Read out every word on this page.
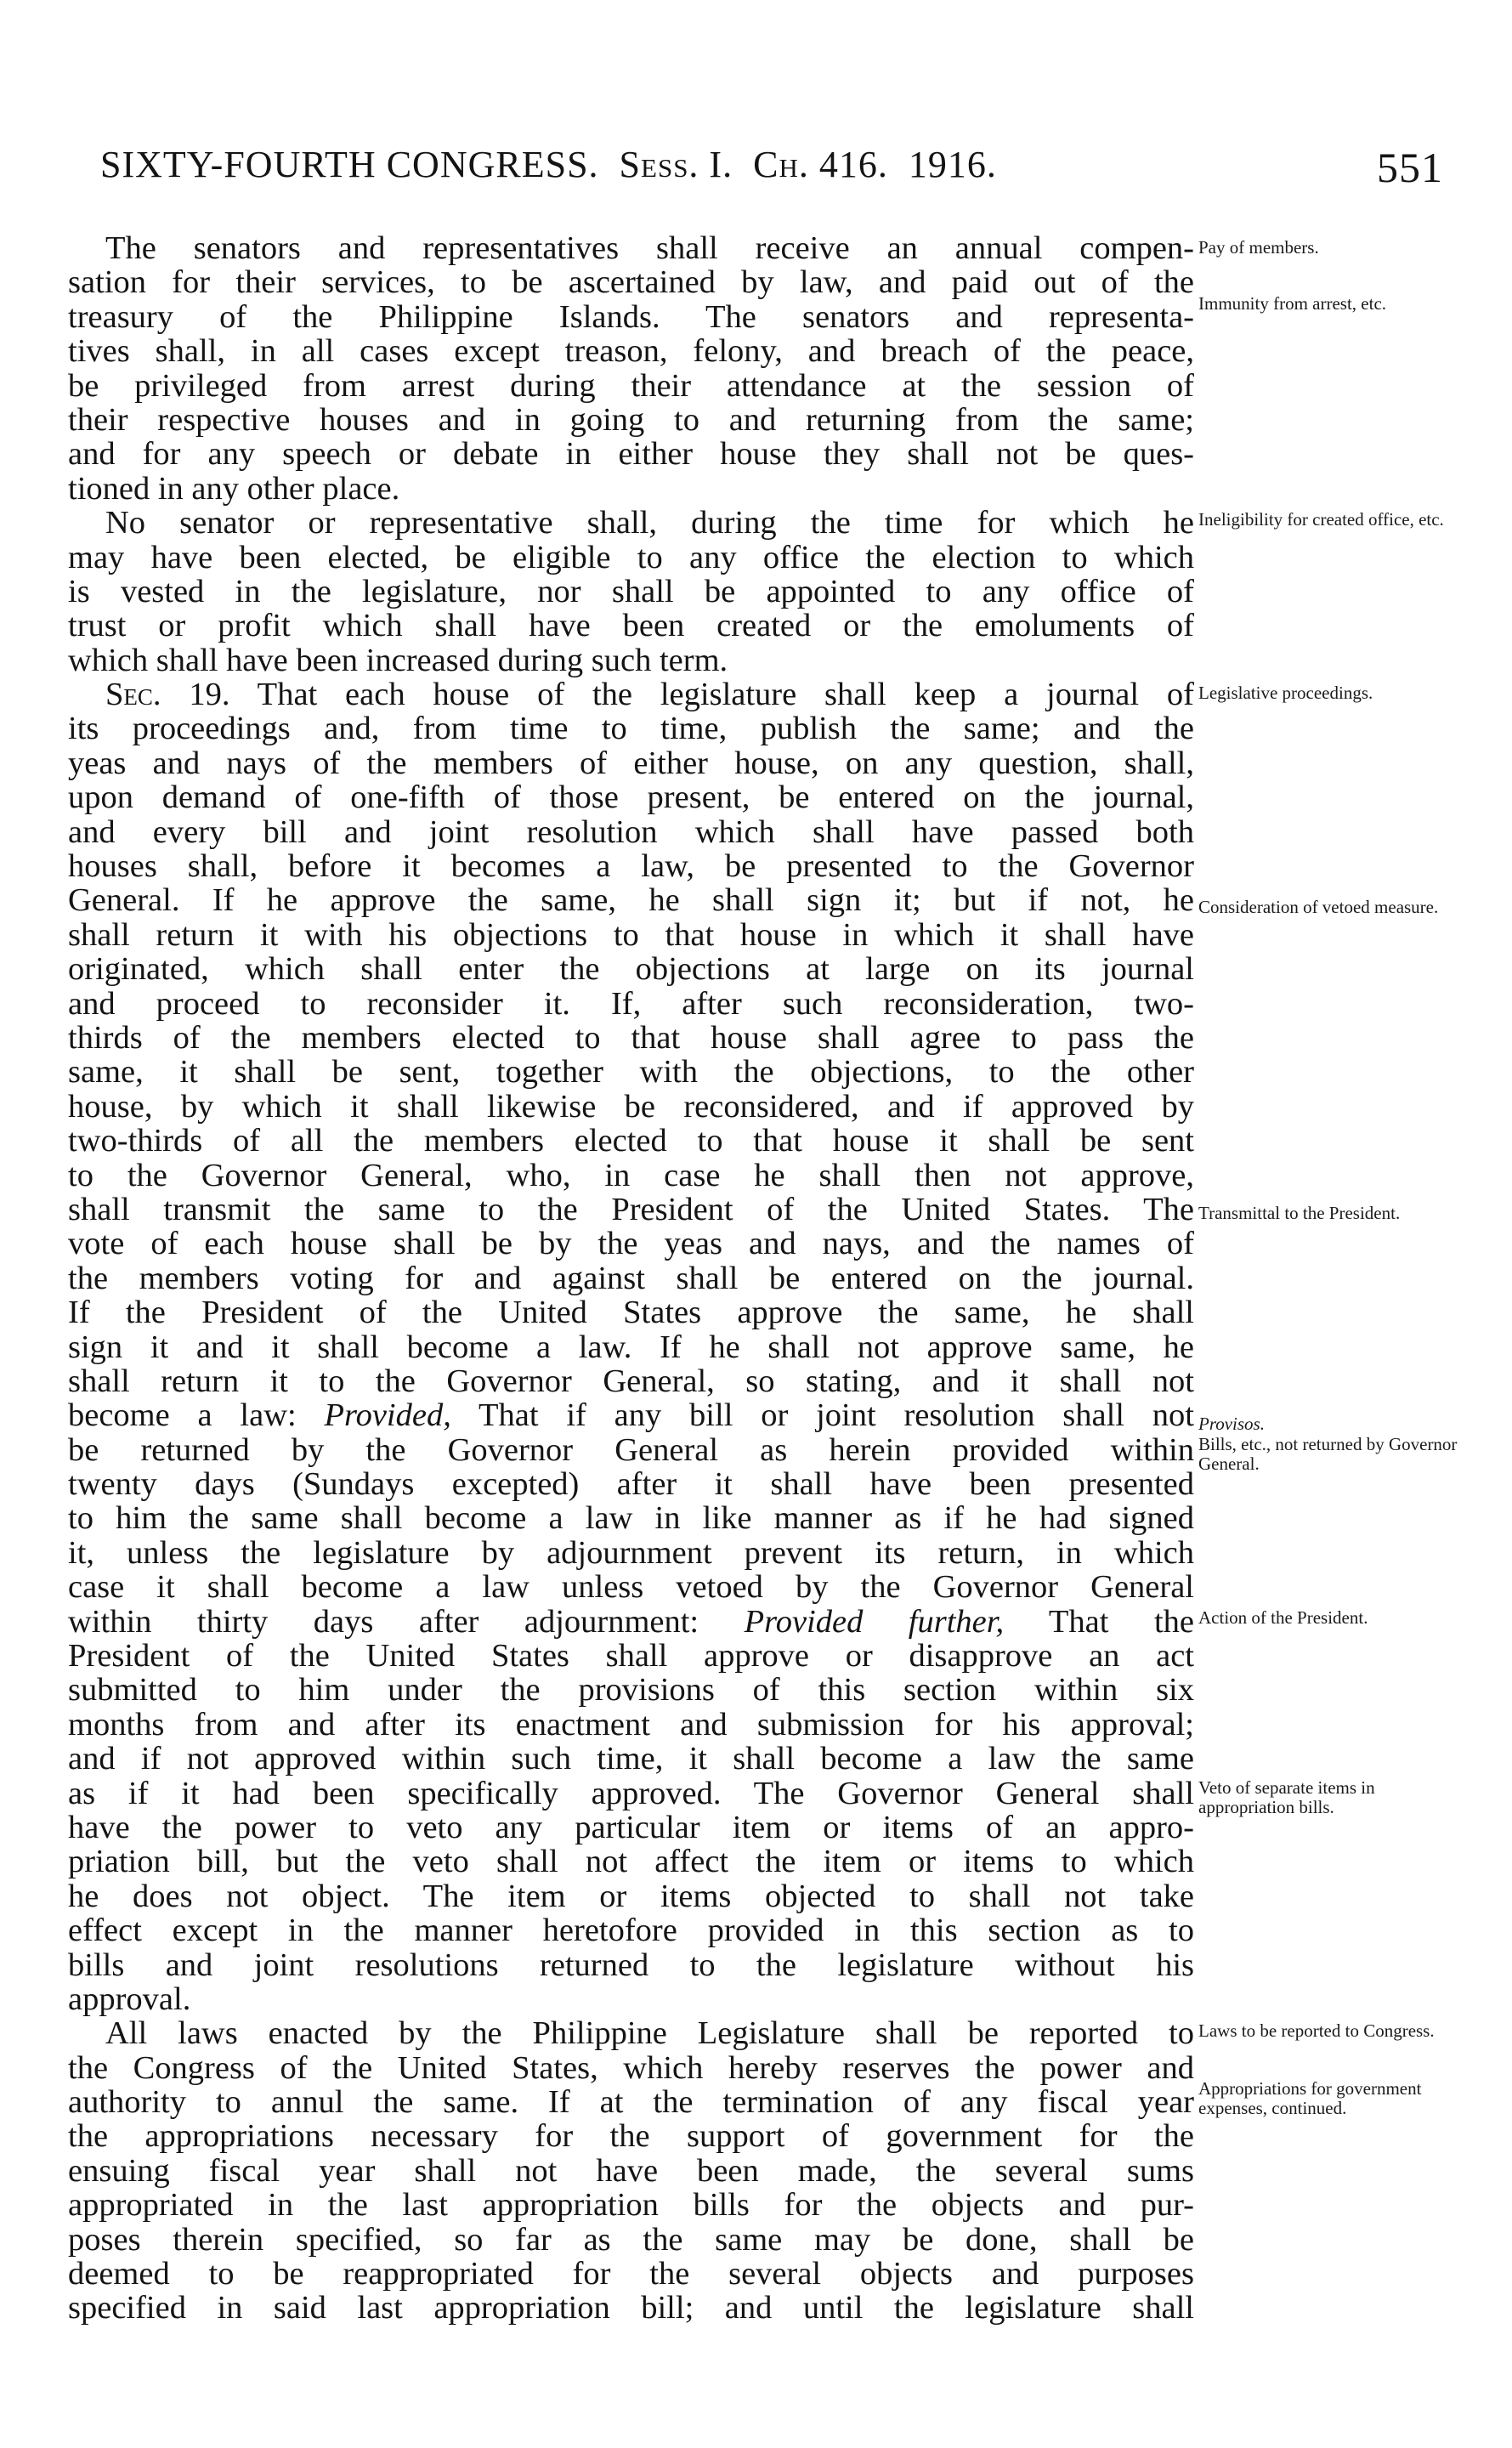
SIXTY-FOURTH CONGRESS. Sess. I. Ch. 416. 1916.	551
The senators and representatives shall receive an annual compen-
sation for their services, to be ascertained by law, and paid out of the
treasury of the Philippine Islands. The senators and representa-
tives shall, in all cases except treason, felony, and breach of the peace,
be privileged from arrest during their attendance at the session of
their respective houses and in going to and returning from the same;
and for any speech or debate in either house they shall not be ques-
tioned in any other place.
No senator or representative shall, during the time for which he
may have been elected, be eligible to any office the election to which
is vested in the legislature, nor shall be appointed to any office of
trust or profit which shall have been created or the emoluments of
which shall have been increased during such term.
Sec. 19. That each house of the legislature shall keep a journal of
its proceedings and, from time to time, publish the same; and the
yeas and nays of the members of either house, on any question, shall,
upon demand of one-fifth of those present, be entered on the journal,
and every bill and joint resolution which shall have passed both
houses shall, before it becomes a law, be presented to the Governor
General. If he approve the same, he shall sign it; but if not, he
shall return it with his objections to that house in which it shall have
originated, which shall enter the objections at large on its journal
and proceed to reconsider it. If, after such reconsideration, two-
thirds of the members elected to that house shall agree to pass the
same, it shall be sent, together with the objections, to the other
house, by which it shall likewise be reconsidered, and if approved by
two-thirds of all the members elected to that house it shall be sent
to the Governor General, who, in case he shall then not approve,
shall transmit the same to the President of the United States. The
vote of each house shall be by the yeas and nays, and the names of
the members voting for and against shall be entered on the journal.
If the President of the United States approve the same, he shall
sign it and it shall become a law. If he shall not approve same, he
shall return it to the Governor General, so stating, and it shall not
become a law: Provided, That if any bill or joint resolution shall not
be returned by the Governor General as herein provided within
twenty days (Sundays excepted) after it shall have been presented
to him the same shall become a law in like manner as if he had signed
it, unless the legislature by adjournment prevent its return, in which
case it shall become a law unless vetoed by the Governor General
within thirty days after adjournment: Provided further, That the
President of the United States shall approve or disapprove an act
submitted to him under the provisions of this section within six
months from and after its enactment and submission for his approval;
and if not approved within such time, it shall become a law the same
as if it had been specifically approved. The Governor General shall
have the power to veto any particular item or items of an appro-
priation bill, but the veto shall not affect the item or items to which
he does not object. The item or items objected to shall not take
effect except in the manner heretofore provided in this section as to
bills and joint resolutions returned to the legislature without his
approval.
All laws enacted by the Philippine Legislature shall be reported to
the Congress of the United States, which hereby reserves the power and
authority to annul the same. If at the termination of any fiscal year
the appropriations necessary for the support of government for the
ensuing fiscal year shall not have been made, the several sums
appropriated in the last appropriation bills for the objects and pur-
poses therein specified, so far as the same may be done, shall be
deemed to be reappropriated for the several objects and purposes
specified in said last appropriation bill; and until the legislature shall
Pay of members.
Immunity from arrest, etc.
Ineligibility for created office, etc.
Legislative proceedings.
Consideration of vetoed measure.
Transmittal to the President.
Provisos.
Bills, etc., not returned by Governor General.
Action of the President.
Veto of separate items in appropriation bills.
Laws to be reported to Congress.
Appropriations for government expenses, continued.
